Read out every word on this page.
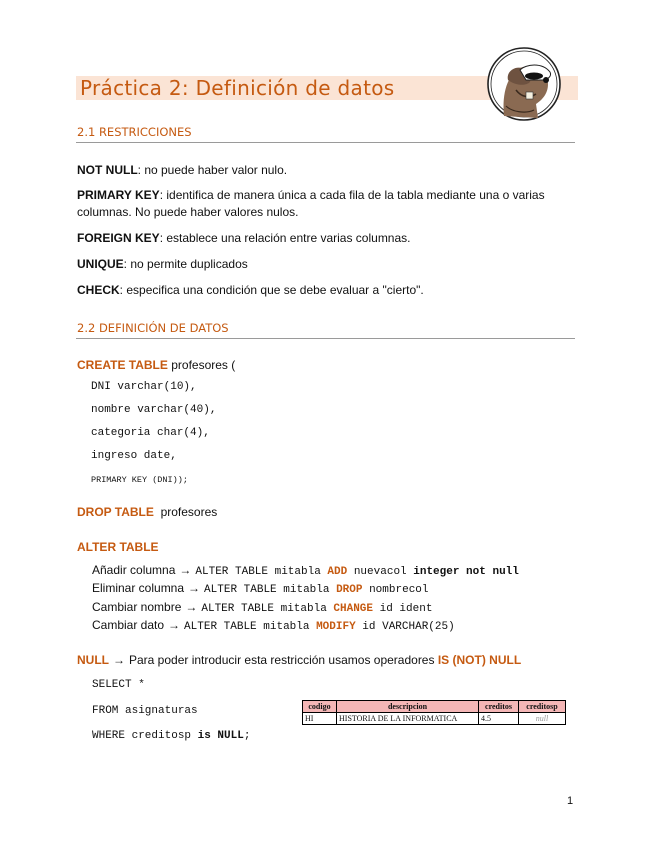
Práctica 2: Definición de datos
2.1 RESTRICCIONES
NOT NULL: no puede haber valor nulo.
PRIMARY KEY: identifica de manera única a cada fila de la tabla mediante una o varias columnas. No puede haber valores nulos.
FOREIGN KEY: establece una relación entre varias columnas.
UNIQUE: no permite duplicados
CHECK: especifica una condición que se debe evaluar a "cierto".
2.2 DEFINICIÓN DE DATOS
CREATE TABLE profesores (
DNI varchar(10),
nombre varchar(40),
categoria char(4),
ingreso date,
PRIMARY KEY (DNI));
DROP TABLE profesores
ALTER TABLE
Añadir columna → ALTER TABLE mitabla ADD nuevacol integer not null
Eliminar columna → ALTER TABLE mitabla DROP nombrecol
Cambiar nombre → ALTER TABLE mitabla CHANGE id ident
Cambiar dato → ALTER TABLE mitabla MODIFY id VARCHAR(25)
NULL → Para poder introducir esta restricción usamos operadores IS (NOT) NULL
SELECT *
FROM asignaturas
WHERE creditosp is NULL;
codigo	descripcion	creditos	creditosp
HI	HISTORIA DE LA INFORMATICA	4.5	null
1
